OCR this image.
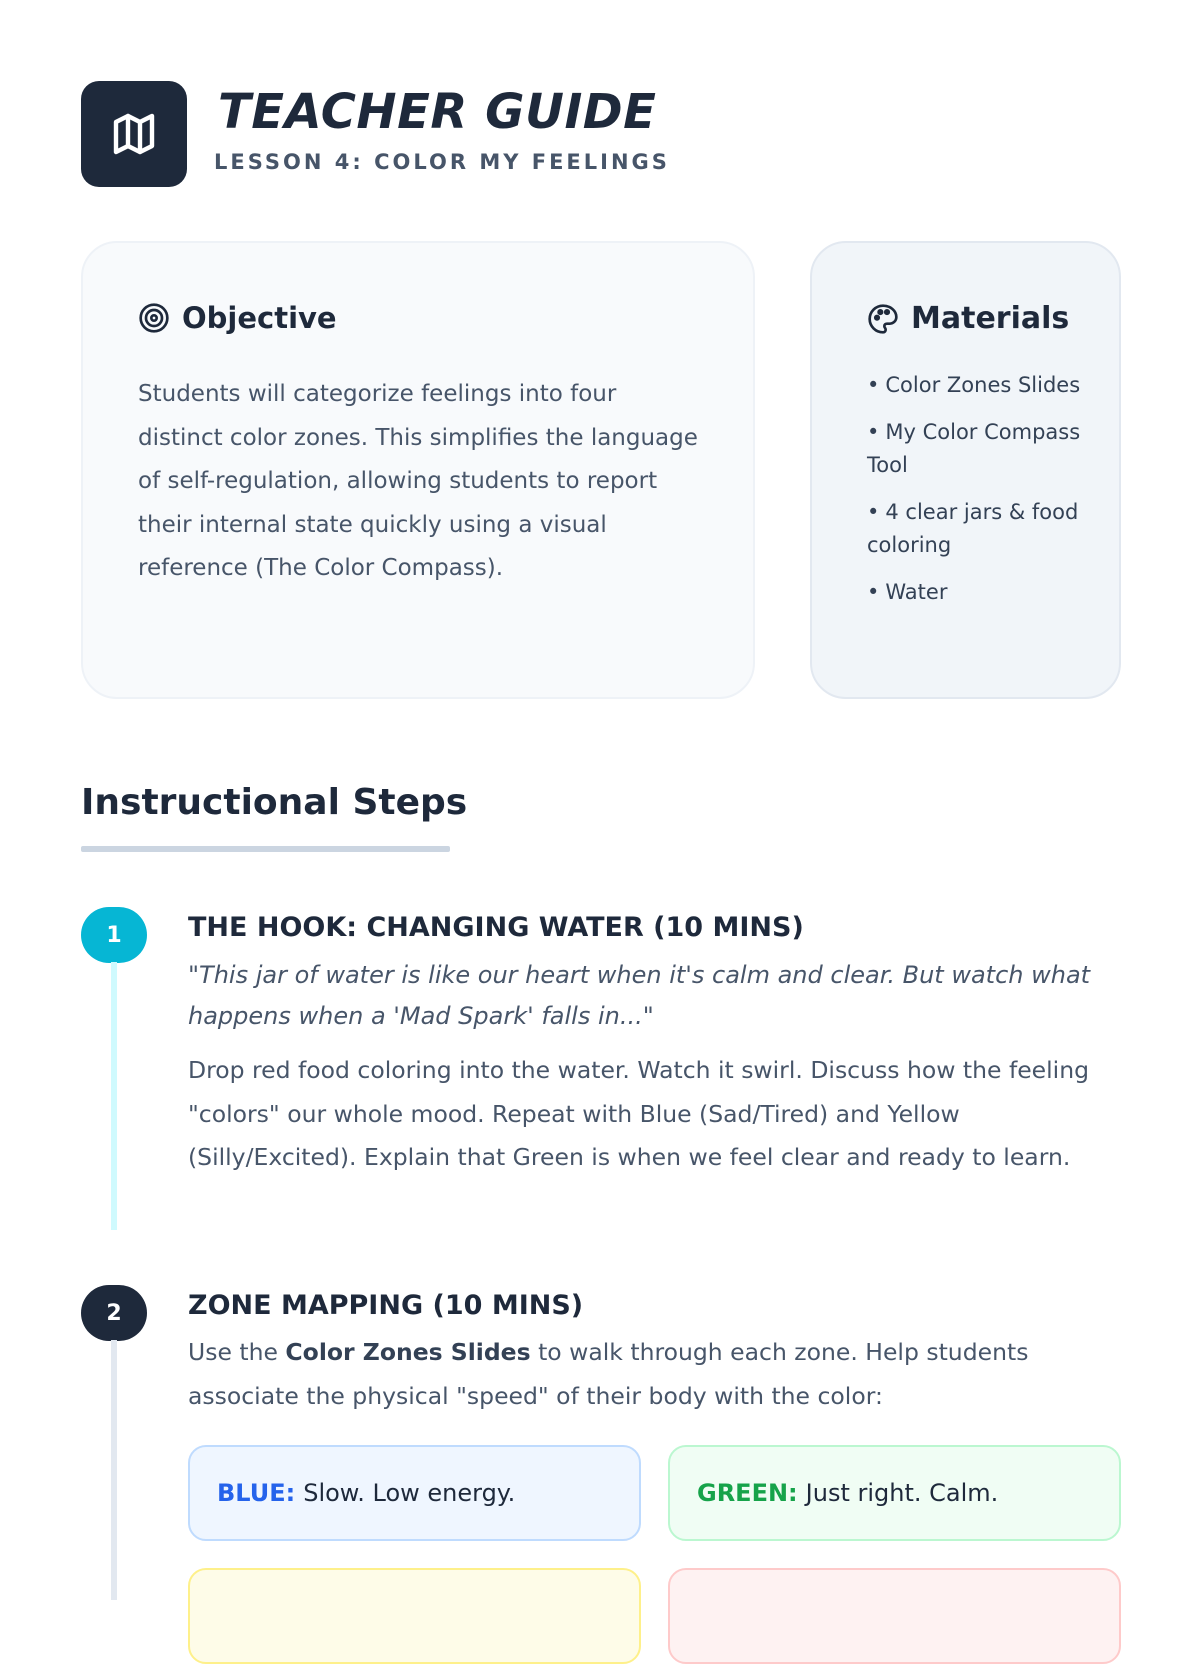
TEACHER GUIDE
LESSON 4: COLOR MY FEELINGS
Objective

Students will categorize feelings into four distinct color zones. This simplifies the language of self-regulation, allowing students to report their internal state quickly using a visual reference (The Color Compass).

Materials
• Color Zones Slides
• My Color Compass Tool
• 4 clear jars & food coloring
• Water
Instructional Steps
1	THE HOOK: CHANGING WATER (10 MINS)

"This jar of water is like our heart when it's calm and clear. But watch what happens when a 'Mad Spark' falls in..."

Drop red food coloring into the water. Watch it swirl. Discuss how the feeling "colors" our whole mood. Repeat with Blue (Sad/Tired) and Yellow (Silly/Excited). Explain that Green is when we feel clear and ready to learn.

2	ZONE MAPPING (10 MINS)

Use the Color Zones Slides to walk through each zone. Help students associate the physical "speed" of their body with the color:

BLUE: Slow. Low energy.	GREEN: Just right. Calm.
